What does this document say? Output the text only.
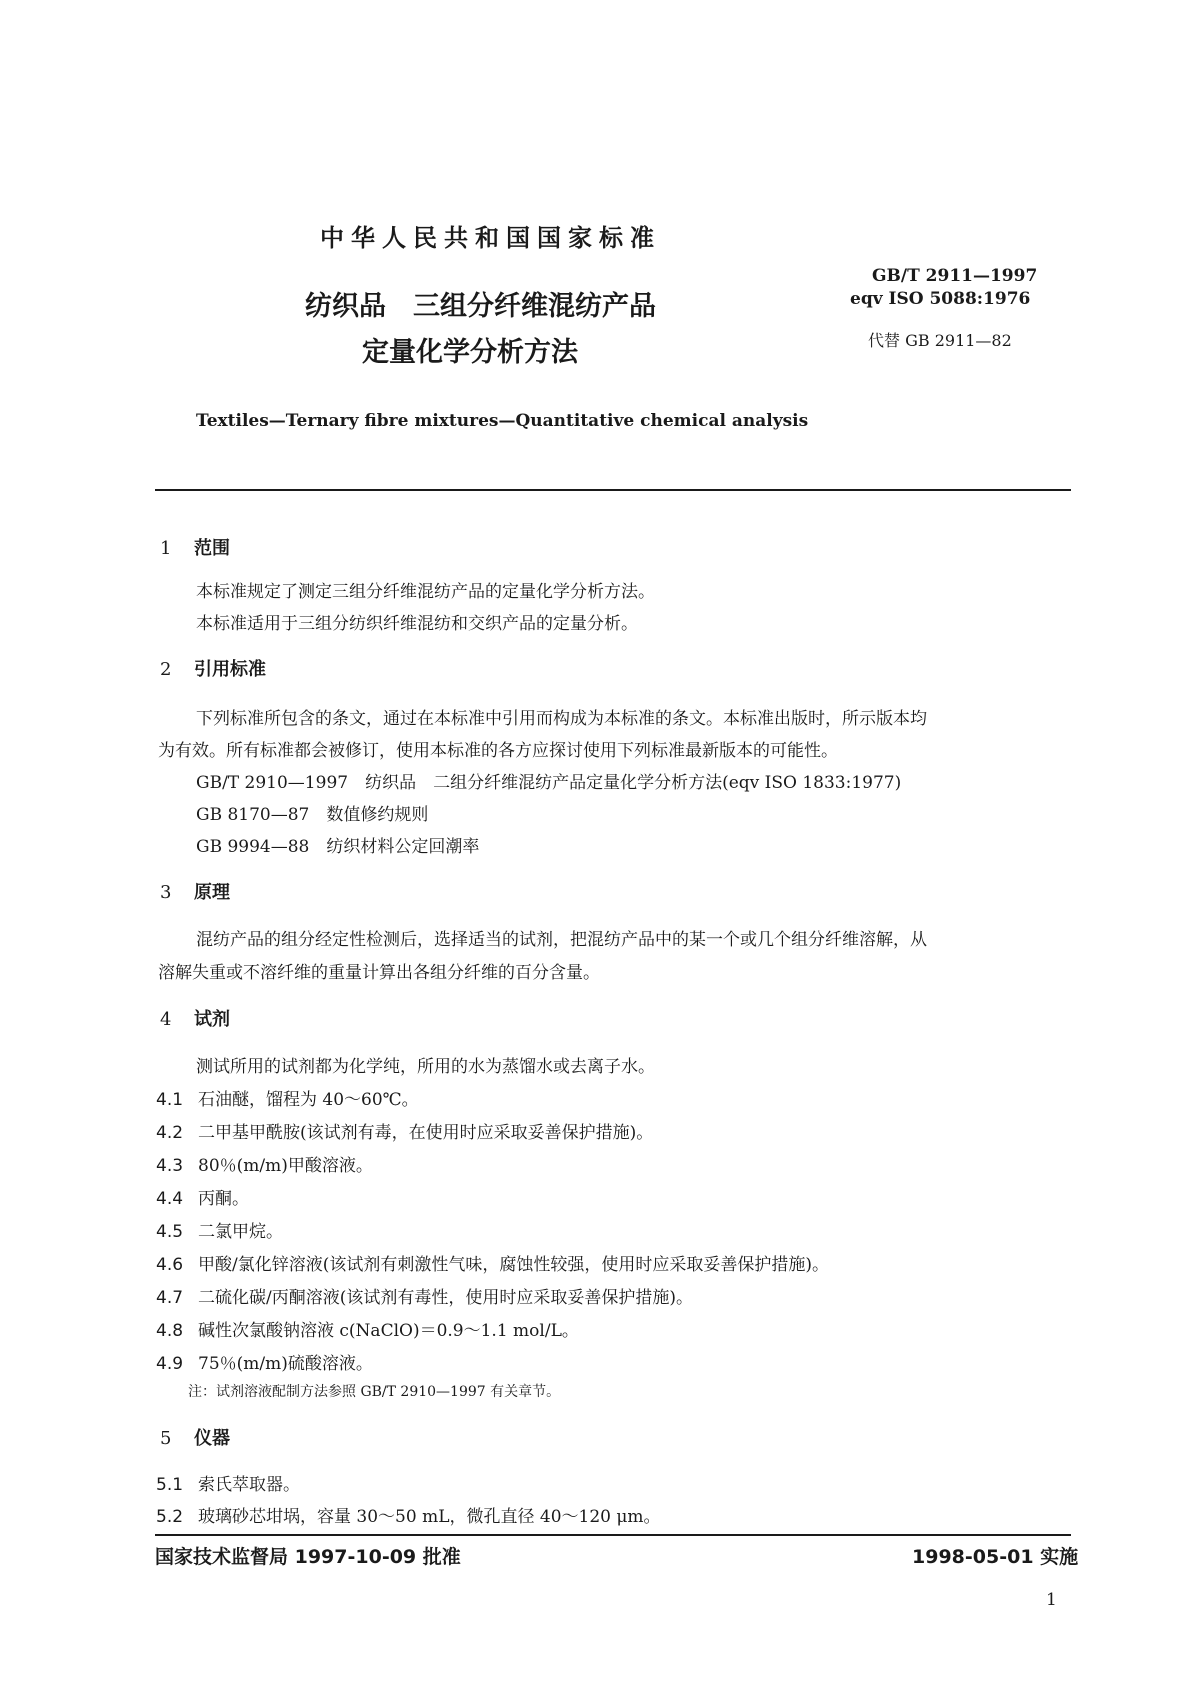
中华人民共和国国家标准
纺织品　三组分纤维混纺产品
定量化学分析方法
GB/T 2911—1997
eqv ISO 5088:1976
代替 GB 2911—82
Textiles—Ternary fibre mixtures—Quantitative chemical analysis
1 范围
本标准规定了测定三组分纤维混纺产品的定量化学分析方法。
本标准适用于三组分纺织纤维混纺和交织产品的定量分析。
2 引用标准
下列标准所包含的条文，通过在本标准中引用而构成为本标准的条文。本标准出版时，所示版本均
为有效。所有标准都会被修订，使用本标准的各方应探讨使用下列标准最新版本的可能性。
GB/T 2910—1997　纺织品　二组分纤维混纺产品定量化学分析方法(eqv ISO 1833:1977)
GB 8170—87　数值修约规则
GB 9994—88　纺织材料公定回潮率
3 原理
混纺产品的组分经定性检测后，选择适当的试剂，把混纺产品中的某一个或几个组分纤维溶解，从
溶解失重或不溶纤维的重量计算出各组分纤维的百分含量。
4 试剂
测试所用的试剂都为化学纯，所用的水为蒸馏水或去离子水。
4.1 石油醚，馏程为 40～60℃。
4.2 二甲基甲酰胺(该试剂有毒，在使用时应采取妥善保护措施)。
4.3 80％(m/m)甲酸溶液。
4.4 丙酮。
4.5 二氯甲烷。
4.6 甲酸/氯化锌溶液(该试剂有刺激性气味，腐蚀性较强，使用时应采取妥善保护措施)。
4.7 二硫化碳/丙酮溶液(该试剂有毒性，使用时应采取妥善保护措施)。
4.8 碱性次氯酸钠溶液 c(NaClO)＝0.9～1.1 mol/L。
4.9 75％(m/m)硫酸溶液。
注：试剂溶液配制方法参照 GB/T 2910—1997 有关章节。
5 仪器
5.1 索氏萃取器。
5.2 玻璃砂芯坩埚，容量 30～50 mL，微孔直径 40～120 μm。
国家技术监督局 1997-10-09 批准	1998-05-01 实施
1
